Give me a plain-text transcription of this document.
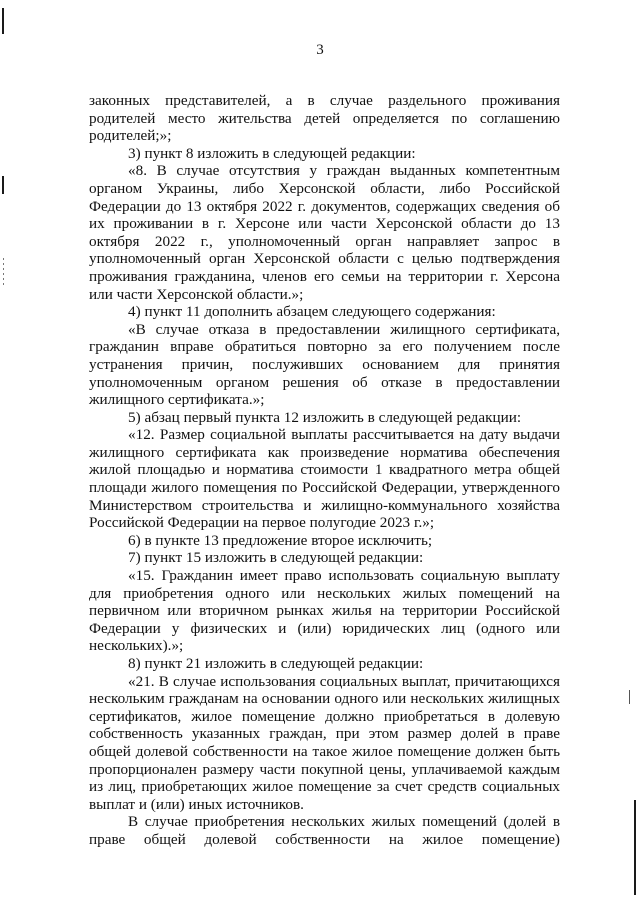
3

законных представителей, а в случае раздельного проживания родителей место жительства детей определяется по соглашению родителей;»;

3) пункт 8 изложить в следующей редакции:

«8. В случае отсутствия у граждан выданных компетентным органом Украины, либо Херсонской области, либо Российской Федерации до 13 октября 2022 г. документов, содержащих сведения об их проживании в г. Херсоне или части Херсонской области до 13 октября 2022 г., уполномоченный орган направляет запрос в уполномоченный орган Херсонской области с целью подтверждения проживания гражданина, членов его семьи на территории г. Херсона или части Херсонской области.»;

4) пункт 11 дополнить абзацем следующего содержания:

«В случае отказа в предоставлении жилищного сертификата, гражданин вправе обратиться повторно за его получением после устранения причин, послуживших основанием для принятия уполномоченным органом решения об отказе в предоставлении жилищного сертификата.»;

5) абзац первый пункта 12 изложить в следующей редакции:

«12. Размер социальной выплаты рассчитывается на дату выдачи жилищного сертификата как произведение норматива обеспечения жилой площадью и норматива стоимости 1 квадратного метра общей площади жилого помещения по Российской Федерации, утвержденного Министерством строительства и жилищно-коммунального хозяйства Российской Федерации на первое полугодие 2023 г.»;

6) в пункте 13 предложение второе исключить;

7) пункт 15 изложить в следующей редакции:

«15. Гражданин имеет право использовать социальную выплату для приобретения одного или нескольких жилых помещений на первичном или вторичном рынках жилья на территории Российской Федерации у физических и (или) юридических лиц (одного или нескольких).»;

8) пункт 21 изложить в следующей редакции:

«21. В случае использования социальных выплат, причитающихся нескольким гражданам на основании одного или нескольких жилищных сертификатов, жилое помещение должно приобретаться в долевую собственность указанных граждан, при этом размер долей в праве общей долевой собственности на такое жилое помещение должен быть пропорционален размеру части покупной цены, уплачиваемой каждым из лиц, приобретающих жилое помещение за счет средств социальных выплат и (или) иных источников.

В случае приобретения нескольких жилых помещений (долей в праве общей долевой собственности на жилое помещение)
